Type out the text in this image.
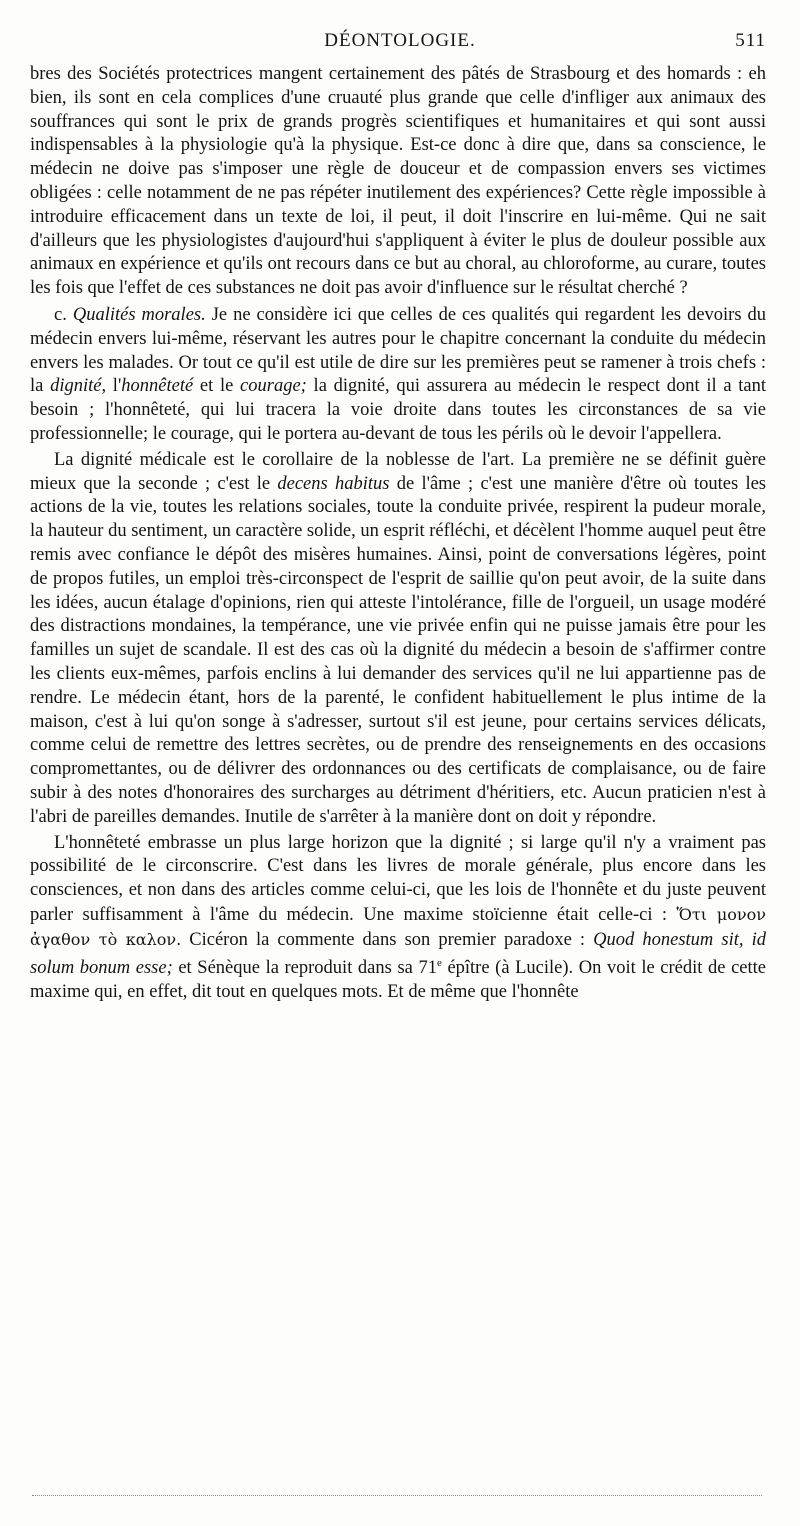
DÉONTOLOGIE.	511

bres des Sociétés protectrices mangent certainement des pâtés de Strasbourg et des homards : eh bien, ils sont en cela complices d'une cruauté plus grande que celle d'infliger aux animaux des souffrances qui sont le prix de grands progrès scientifiques et humanitaires et qui sont aussi indispensables à la physiologie qu'à la physique. Est-ce donc à dire que, dans sa conscience, le médecin ne doive pas s'imposer une règle de douceur et de compassion envers ses victimes obligées : celle notamment de ne pas répéter inutilement des expériences? Cette règle impossible à introduire efficacement dans un texte de loi, il peut, il doit l'inscrire en lui-même. Qui ne sait d'ailleurs que les physiologistes d'aujourd'hui s'appliquent à éviter le plus de douleur possible aux animaux en expérience et qu'ils ont recours dans ce but au choral, au chloroforme, au curare, toutes les fois que l'effet de ces substances ne doit pas avoir d'influence sur le résultat cherché ?

c. Qualités morales. Je ne considère ici que celles de ces qualités qui regardent les devoirs du médecin envers lui-même, réservant les autres pour le chapitre concernant la conduite du médecin envers les malades. Or tout ce qu'il est utile de dire sur les premières peut se ramener à trois chefs : la dignité, l'honnêteté et le courage; la dignité, qui assurera au médecin le respect dont il a tant besoin ; l'honnêteté, qui lui tracera la voie droite dans toutes les circonstances de sa vie professionnelle; le courage, qui le portera au-devant de tous les périls où le devoir l'appellera.

La dignité médicale est le corollaire de la noblesse de l'art. La première ne se définit guère mieux que la seconde ; c'est le decens habitus de l'âme ; c'est une manière d'être où toutes les actions de la vie, toutes les relations sociales, toute la conduite privée, respirent la pudeur morale, la hauteur du sentiment, un caractère solide, un esprit réfléchi, et décèlent l'homme auquel peut être remis avec confiance le dépôt des misères humaines. Ainsi, point de conversations légères, point de propos futiles, un emploi très-circonspect de l'esprit de saillie qu'on peut avoir, de la suite dans les idées, aucun étalage d'opinions, rien qui atteste l'intolérance, fille de l'orgueil, un usage modéré des distractions mondaines, la tempérance, une vie privée enfin qui ne puisse jamais être pour les familles un sujet de scandale. Il est des cas où la dignité du médecin a besoin de s'affirmer contre les clients eux-mêmes, parfois enclins à lui demander des services qu'il ne lui appartienne pas de rendre. Le médecin étant, hors de la parenté, le confident habituellement le plus intime de la maison, c'est à lui qu'on songe à s'adresser, surtout s'il est jeune, pour certains services délicats, comme celui de remettre des lettres secrètes, ou de prendre des renseignements en des occasions compromettantes, ou de délivrer des ordonnances ou des certificats de complaisance, ou de faire subir à des notes d'honoraires des surcharges au détriment d'héritiers, etc. Aucun praticien n'est à l'abri de pareilles demandes. Inutile de s'arrêter à la manière dont on doit y répondre.

L'honnêteté embrasse un plus large horizon que la dignité ; si large qu'il n'y a vraiment pas possibilité de le circonscrire. C'est dans les livres de morale générale, plus encore dans les consciences, et non dans des articles comme celui-ci, que les lois de l'honnête et du juste peuvent parler suffisamment à l'âme du médecin. Une maxime stoïcienne était celle-ci : Ὅτι μονον ἀγαθον τὸ καλον. Cicéron la commente dans son premier paradoxe : Quod honestum sit, id solum bonum esse; et Sénèque la reproduit dans sa 71e épître (à Lucile). On voit le crédit de cette maxime qui, en effet, dit tout en quelques mots. Et de même que l'honnête
